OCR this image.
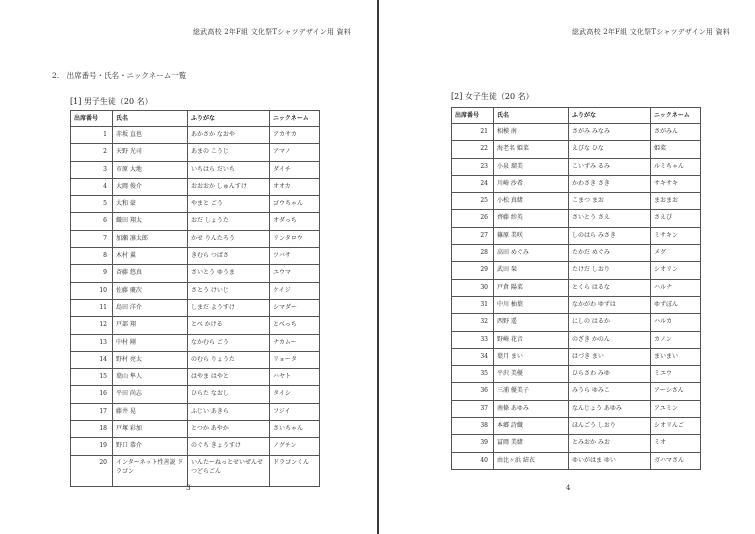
総武高校 2年F組 文化祭Tシャツデザイン用 資料
2.　出席番号・氏名・ニックネーム一覧
[1] 男子生徒（20 名）
出席番号	氏名	ふりがな	ニックネーム
1	赤坂 直也	あかさか なおや	アカサカ
2	天野 光司	あまの こうじ	アマノ
3	市原 大地	いちはら だいち	ダイチ
4	大岡 俊介	おおおか しゅんすけ	オオカ
5	大和 豪	やまと ごう	ゴウちゃん
6	織田 翔太	おだ しょうた	オダっち
7	加瀬 凛太郎	かせ りんたろう	リンタロウ
8	木村 翼	きむら つばさ	ツバサ
9	斉藤 悠真	さいとう ゆうま	ユウマ
10	佐藤 慶次	さとう けいじ	ケイジ
11	島田 洋介	しまだ ようすけ	シマダー
12	戸部 翔	とべ かける	とべっち
13	中村 剛	なかむら ごう	ナカムー
14	野村 亮太	のむら りょうた	リョータ
15	葉山 隼人	はやま はやと	ハヤト
16	平田 尚志	ひらた なおし	タイシ
17	藤井 晃	ふじい あきら	フジイ
18	戸塚 彩加	とつか あやか	さいちゃん
19	野口 恭介	のぐち きょうすけ	ノグチン
20	インターネット性善説 ドラゴン	いんたーねっとせいぜんせつどらごん	ドラゴンくん
3
総武高校 2年F組 文化祭Tシャツデザイン用 資料
[2] 女子生徒（20 名）
出席番号	氏名	ふりがな	ニックネーム
21	相模 南	さがみ みなみ	さがみん
22	海老名 姫菜	えびな ひな	姫菜
23	小泉 瑠美	こいずみ るみ	ルミちゃん
24	川崎 沙希	かわさき さき	サキサキ
25	小松 真緒	こまつ まお	まおまお
26	齊藤 紗英	さいとう さえ	さえぴ
27	篠原 美咲	しのはら みさき	ミサキン
28	高田 めぐみ	たかだ めぐみ	メグ
29	武田 栞	たけだ しおり	シオリン
30	戸倉 陽菜	とくら はるな	ハルナ
31	中川 柚葉	なかがわ ゆずは	ゆずぽん
32	西野 遥	にしの はるか	ハルカ
33	野崎 花音	のざき かのん	カノン
34	葉月 まい	はづき まい	まいまい
35	平沢 美優	ひらさわ みゆ	ミユウ
36	三浦 優美子	みうら ゆみこ	アーシさん
37	南條 あゆみ	なんじょう あゆみ	アユミン
38	本郷 詩織	ほんごう しおり	シオリんご
39	冨岡 美緒	とみおか みお	ミオ
40	由比ヶ浜 結衣	ゆいがはま ゆい	ガハマさん
4
